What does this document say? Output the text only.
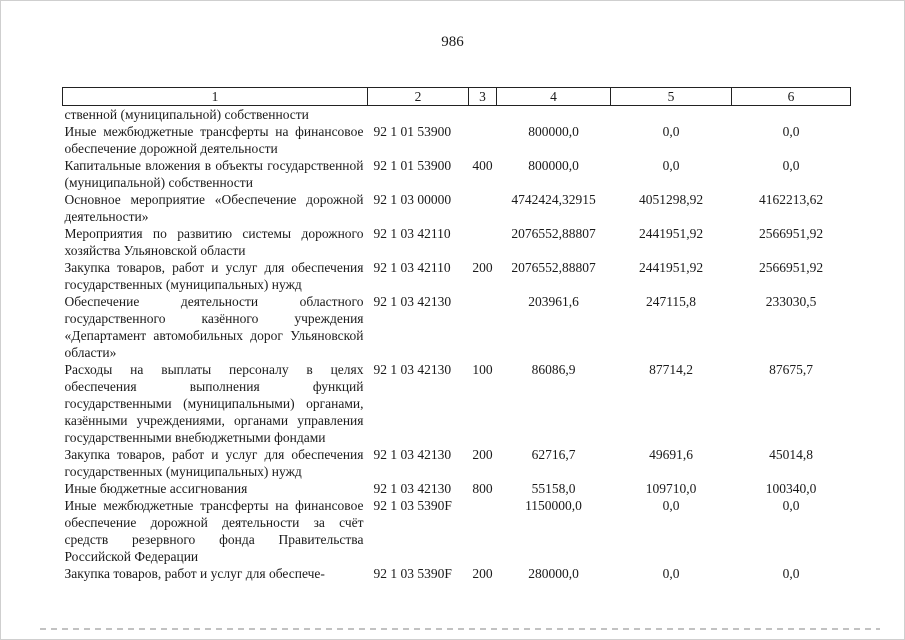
986
1	2	3	4	5	6
ственной (муниципальной) собственности					
Иные межбюджетные трансферты на финансовое обеспечение дорожной деятельности	92 1 01 53900		800000,0	0,0	0,0
Капитальные вложения в объекты государственной (муниципальной) собственности	92 1 01 53900	400	800000,0	0,0	0,0
Основное мероприятие «Обеспечение дорожной деятельности»	92 1 03 00000		4742424,32915	4051298,92	4162213,62
Мероприятия по развитию системы дорожного хозяйства Ульяновской области	92 1 03 42110		2076552,88807	2441951,92	2566951,92
Закупка товаров, работ и услуг для обеспечения государственных (муниципальных) нужд	92 1 03 42110	200	2076552,88807	2441951,92	2566951,92
Обеспечение деятельности областного государственного казённого учреждения «Департамент автомобильных дорог Ульяновской области»	92 1 03 42130		203961,6	247115,8	233030,5
Расходы на выплаты персоналу в целях обеспечения выполнения функций государственными (муниципальными) органами, казёнными учреждениями, органами управления государственными внебюджетными фондами	92 1 03 42130	100	86086,9	87714,2	87675,7
Закупка товаров, работ и услуг для обеспечения государственных (муниципальных) нужд	92 1 03 42130	200	62716,7	49691,6	45014,8
Иные бюджетные ассигнования	92 1 03 42130	800	55158,0	109710,0	100340,0
Иные межбюджетные трансферты на финансовое обеспечение дорожной деятельности за счёт средств резервного фонда Правительства Российской Федерации	92 1 03 5390F		1150000,0	0,0	0,0
Закупка товаров, работ и услуг для обеспече-	92 1 03 5390F	200	280000,0	0,0	0,0
